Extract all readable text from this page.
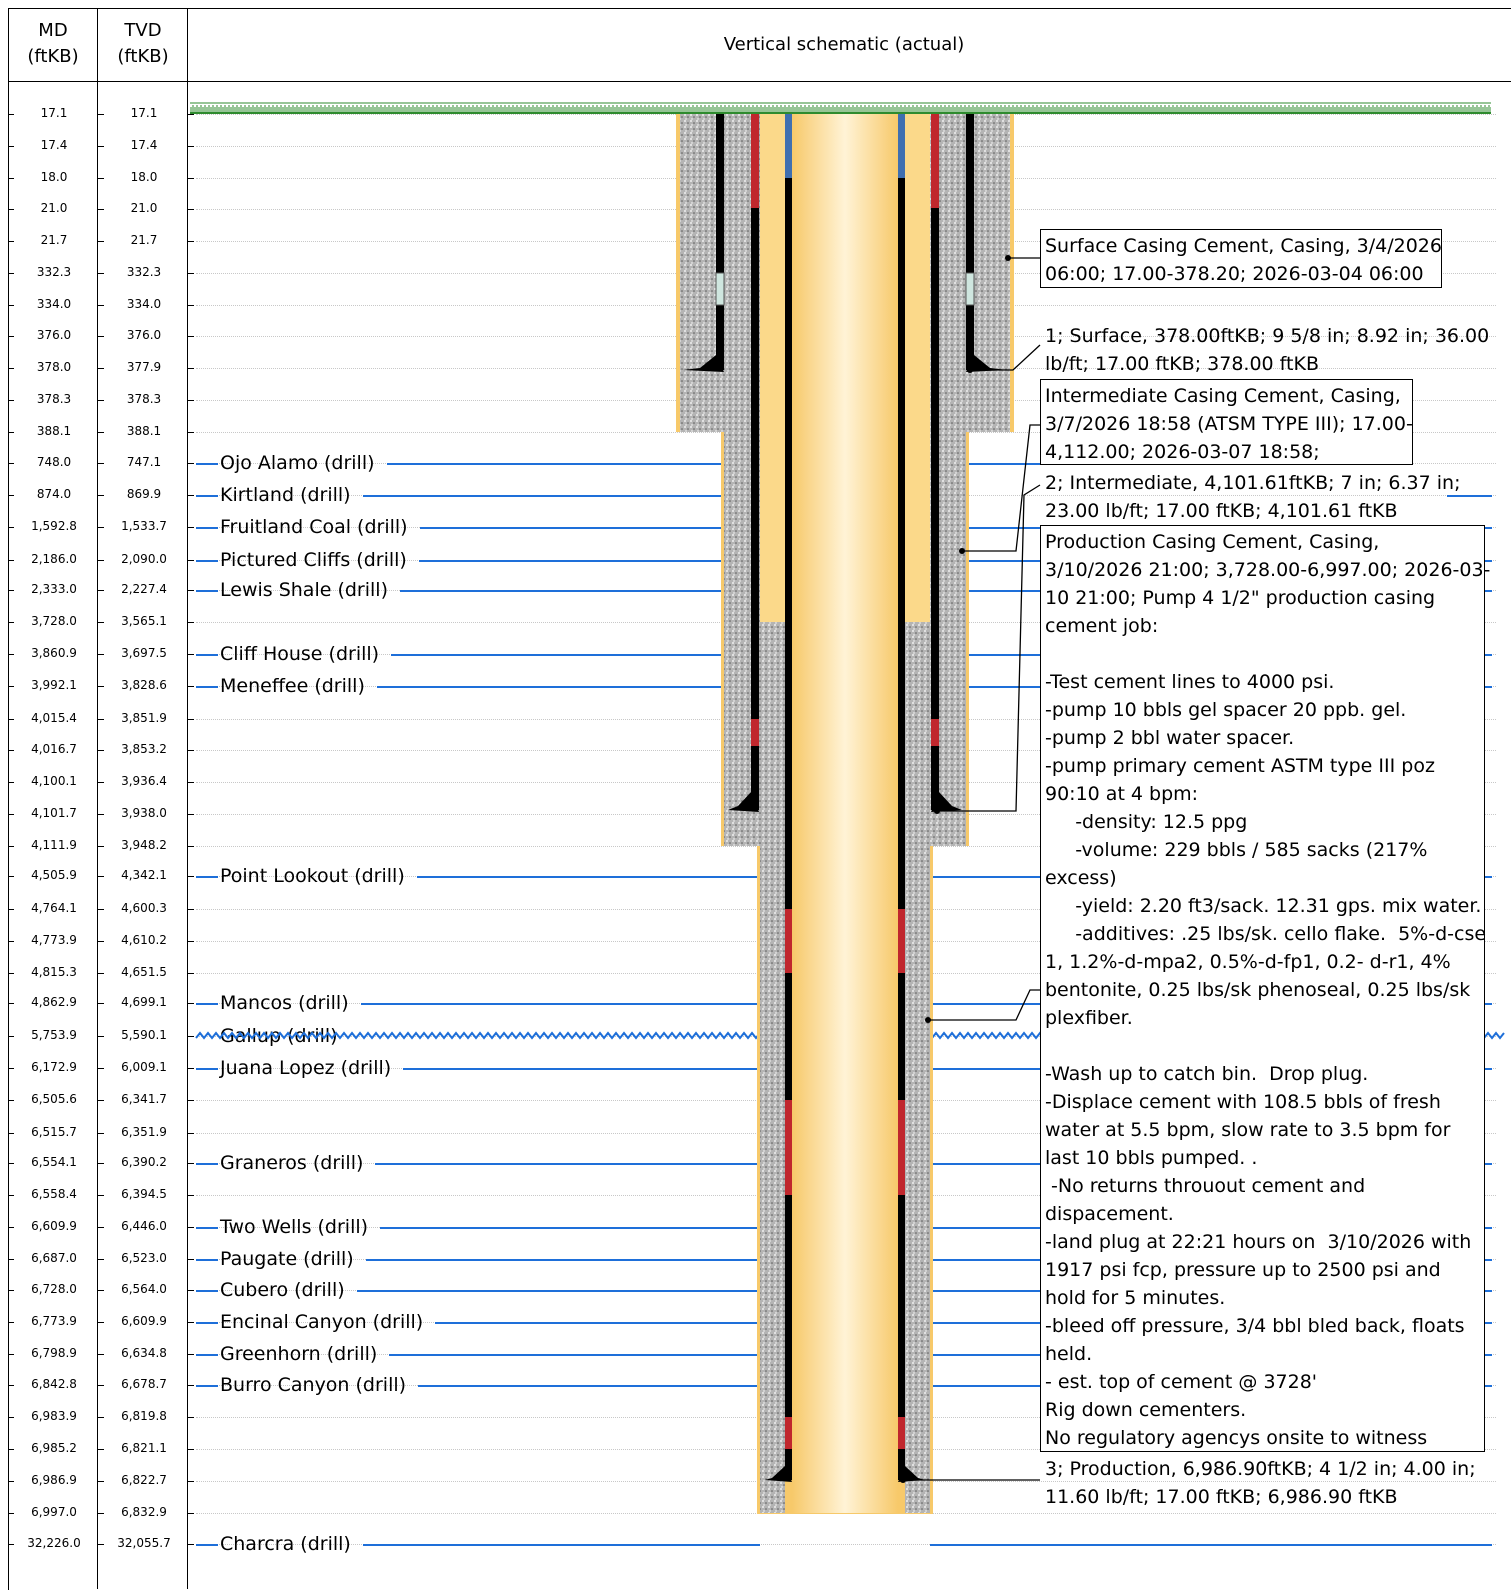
MD
(ftKB)
TVD
(ftKB)
Vertical schematic (actual)
17.1	17.1
17.4	17.4
18.0	18.0
21.0	21.0
21.7	21.7
332.3	332.3
334.0	334.0
376.0	376.0
378.0	377.9
378.3	378.3
388.1	388.1
748.0	747.1
874.0	869.9
1,592.8	1,533.7
2,186.0	2,090.0
2,333.0	2,227.4
3,728.0	3,565.1
3,860.9	3,697.5
3,992.1	3,828.6
4,015.4	3,851.9
4,016.7	3,853.2
4,100.1	3,936.4
4,101.7	3,938.0
4,111.9	3,948.2
4,505.9	4,342.1
4,764.1	4,600.3
4,773.9	4,610.2
4,815.3	4,651.5
4,862.9	4,699.1
5,753.9	5,590.1
6,172.9	6,009.1
6,505.6	6,341.7
6,515.7	6,351.9
6,554.1	6,390.2
6,558.4	6,394.5
6,609.9	6,446.0
6,687.0	6,523.0
6,728.0	6,564.0
6,773.9	6,609.9
6,798.9	6,634.8
6,842.8	6,678.7
6,983.9	6,819.8
6,985.2	6,821.1
6,986.9	6,822.7
6,997.0	6,832.9
32,226.0	32,055.7
Ojo Alamo (drill)
Kirtland (drill)
Fruitland Coal (drill)
Pictured Cliffs (drill)
Lewis Shale (drill)
Cliff House (drill)
Meneffee (drill)
Point Lookout (drill)
Mancos (drill)
Gallup (drill)
Juana Lopez (drill)
Graneros (drill)
Two Wells (drill)
Paugate (drill)
Cubero (drill)
Encinal Canyon (drill)
Greenhorn (drill)
Burro Canyon (drill)
Charcra (drill)
Surface Casing Cement, Casing, 3/4/2026
06:00; 17.00-378.20; 2026-03-04 06:00
1; Surface, 378.00ftKB; 9 5/8 in; 8.92 in; 36.00
lb/ft; 17.00 ftKB; 378.00 ftKB
Intermediate Casing Cement, Casing,
3/7/2026 18:58 (ATSM TYPE III); 17.00-
4,112.00; 2026-03-07 18:58;
2; Intermediate, 4,101.61ftKB; 7 in; 6.37 in;
23.00 lb/ft; 17.00 ftKB; 4,101.61 ftKB
Production Casing Cement, Casing,
3/10/2026 21:00; 3,728.00-6,997.00; 2026-03-
10 21:00; Pump 4 1/2" production casing
cement job:

-Test cement lines to 4000 psi.
-pump 10 bbls gel spacer 20 ppb. gel.
-pump 2 bbl water spacer.
-pump primary cement ASTM type III poz
90:10 at 4 bpm:
-density: 12.5 ppg
-volume: 229 bbls / 585 sacks (217%
excess)
-yield: 2.20 ft3/sack. 12.31 gps. mix water.
-additives: .25 lbs/sk. cello flake.  5%-d-cse
1, 1.2%-d-mpa2, 0.5%-d-fp1, 0.2- d-r1, 4%
bentonite, 0.25 lbs/sk phenoseal, 0.25 lbs/sk
plexfiber.

-Wash up to catch bin.  Drop plug.
-Displace cement with 108.5 bbls of fresh
water at 5.5 bpm, slow rate to 3.5 bpm for
last 10 bbls pumped. .
-No returns throuout cement and
dispacement.
-land plug at 22:21 hours on  3/10/2026 with
1917 psi fcp, pressure up to 2500 psi and
hold for 5 minutes.
-bleed off pressure, 3/4 bbl bled back, floats
held.
- est. top of cement @ 3728'
Rig down cementers.
No regulatory agencys onsite to witness
3; Production, 6,986.90ftKB; 4 1/2 in; 4.00 in;
11.60 lb/ft; 17.00 ftKB; 6,986.90 ftKB
